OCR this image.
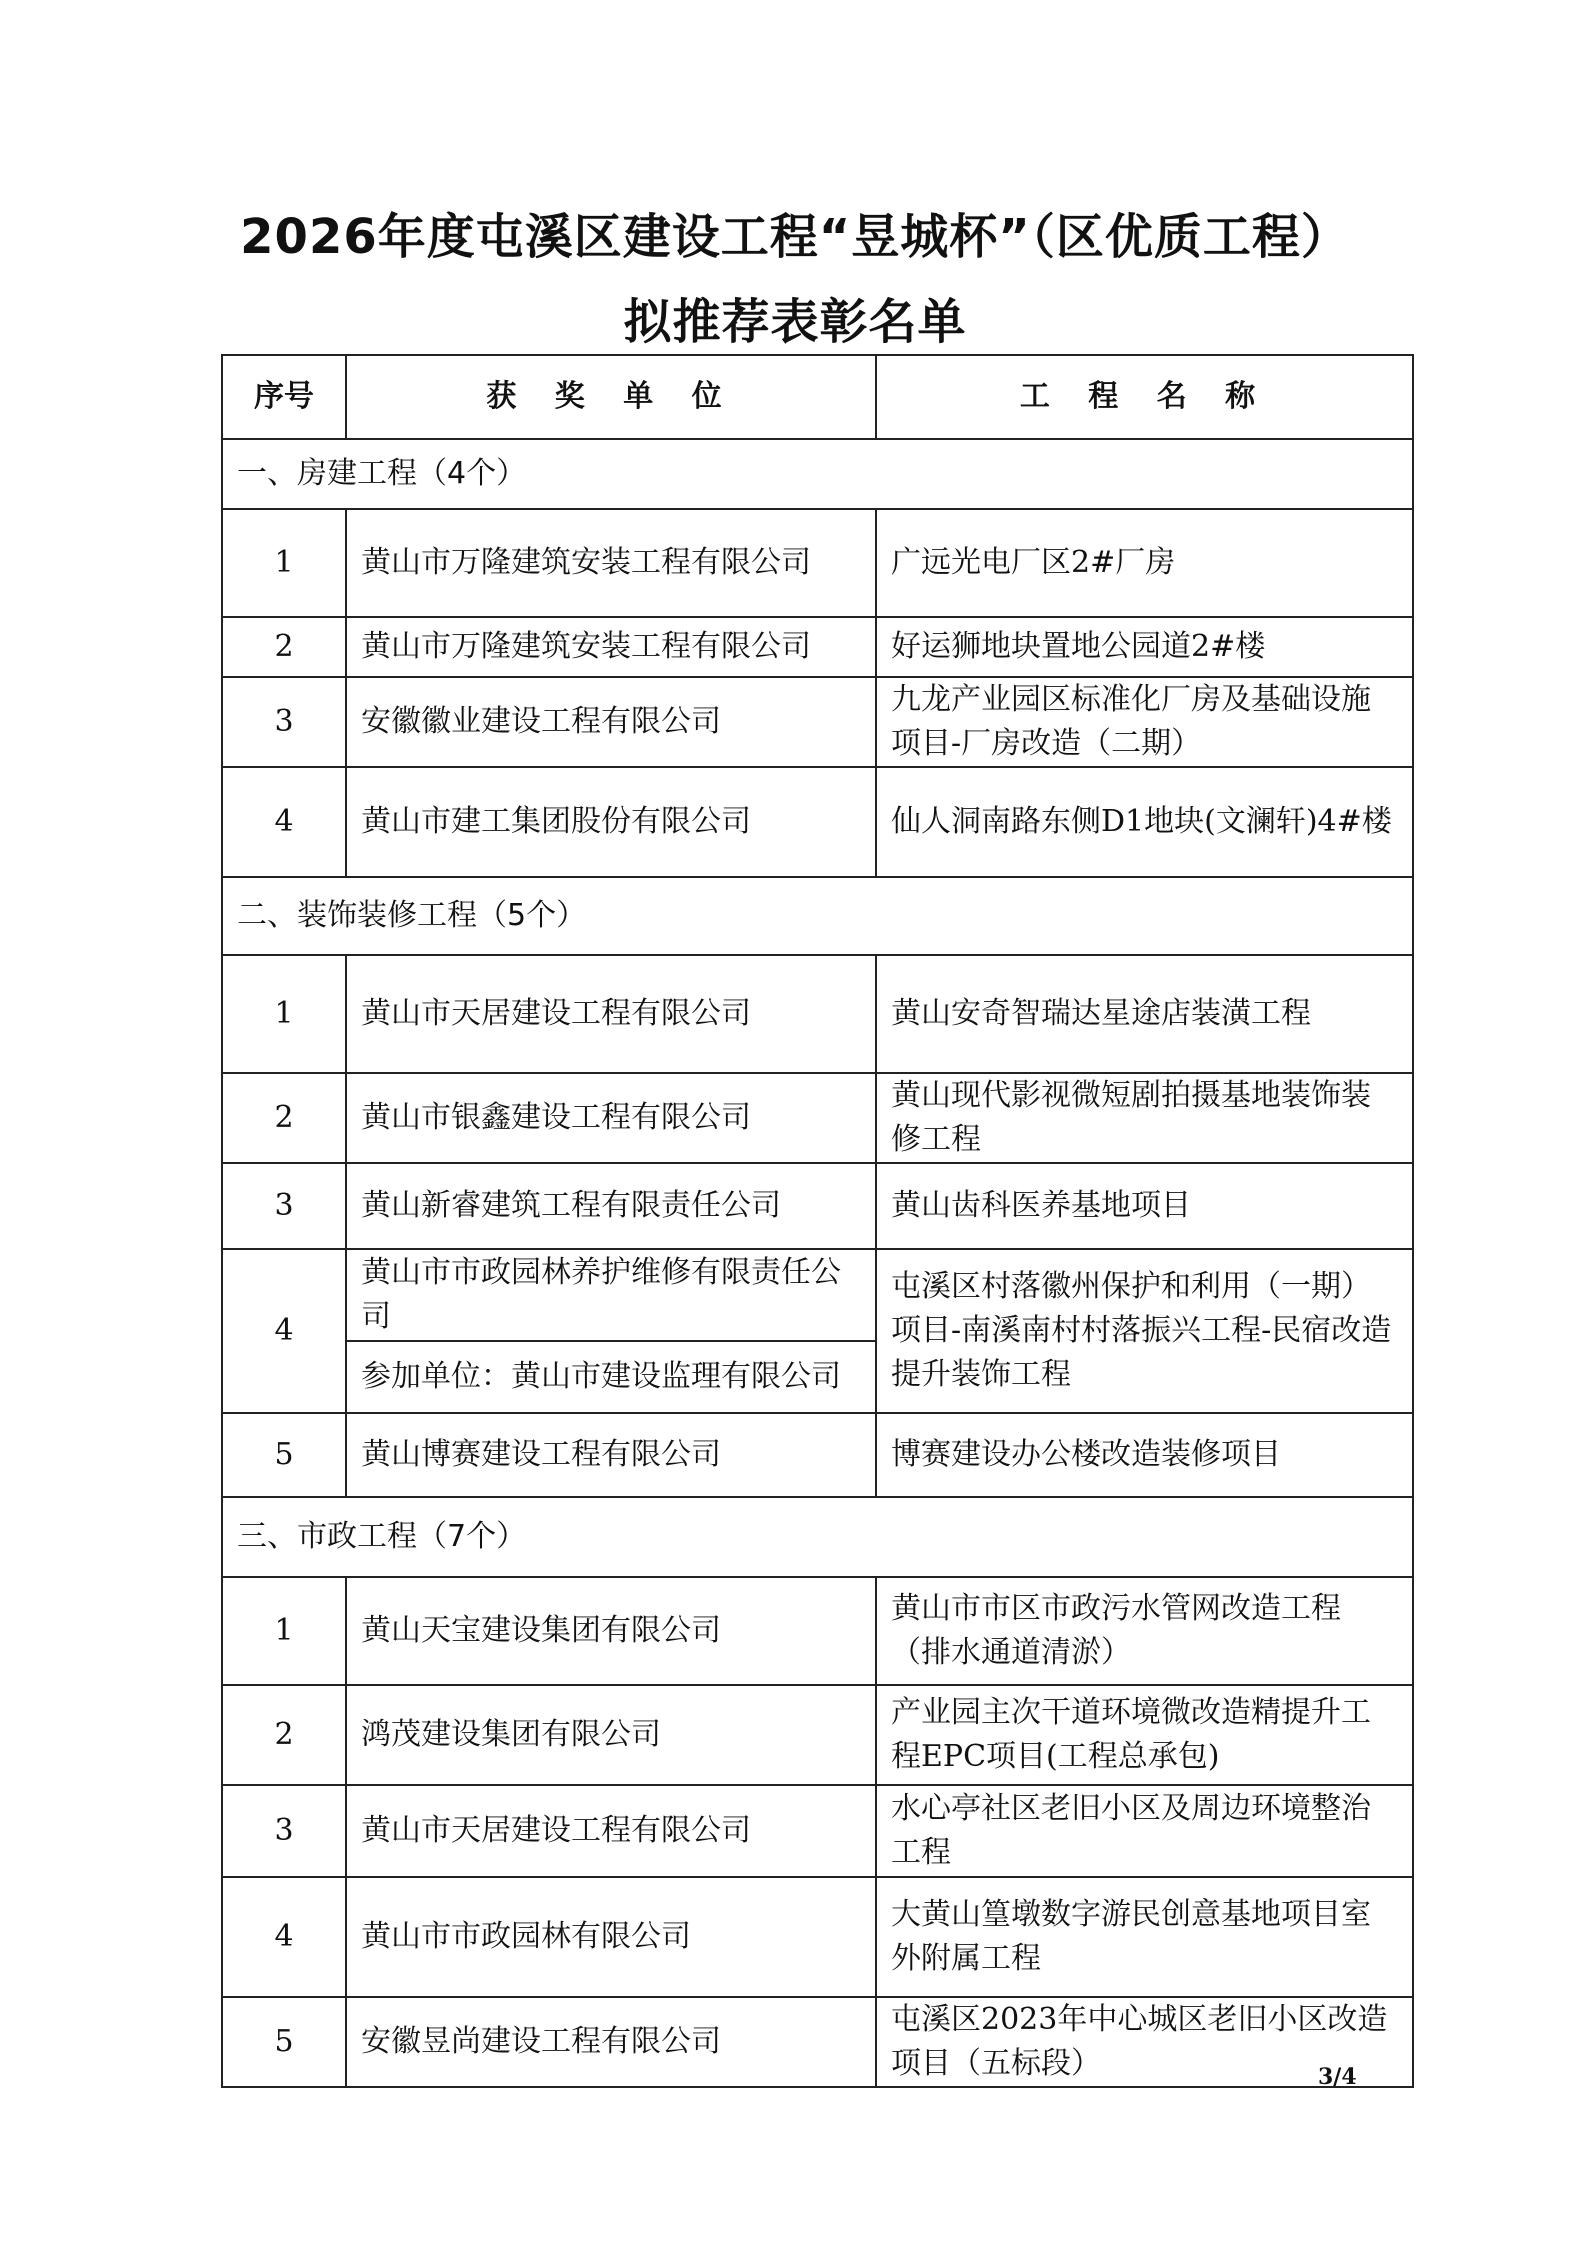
2026年度屯溪区建设工程“昱城杯”（区优质工程）
拟推荐表彰名单
序号	获 奖 单 位	工 程 名 称
一、房建工程（4个）		
1	黄山市万隆建筑安装工程有限公司	广远光电厂区2#厂房
2	黄山市万隆建筑安装工程有限公司	好运狮地块置地公园道2#楼
3	安徽徽业建设工程有限公司	九龙产业园区标准化厂房及基础设施项目-厂房改造（二期）
4	黄山市建工集团股份有限公司	仙人洞南路东侧D1地块(文澜轩)4#楼
二、装饰装修工程（5个）		
1	黄山市天居建设工程有限公司	黄山安奇智瑞达星途店装潢工程
2	黄山市银鑫建设工程有限公司	黄山现代影视微短剧拍摄基地装饰装修工程
3	黄山新睿建筑工程有限责任公司	黄山齿科医养基地项目
4	黄山市市政园林养护维修有限责任公司	屯溪区村落徽州保护和利用（一期）项目-南溪南村村落振兴工程-民宿改造提升装饰工程
	参加单位：黄山市建设监理有限公司	
5	黄山博赛建设工程有限公司	博赛建设办公楼改造装修项目
三、市政工程（7个）		
1	黄山天宝建设集团有限公司	黄山市市区市政污水管网改造工程（排水通道清淤）
2	鸿茂建设集团有限公司	产业园主次干道环境微改造精提升工程EPC项目(工程总承包)
3	黄山市天居建设工程有限公司	水心亭社区老旧小区及周边环境整治工程
4	黄山市市政园林有限公司	大黄山篁墩数字游民创意基地项目室外附属工程
5	安徽昱尚建设工程有限公司	屯溪区2023年中心城区老旧小区改造项目（五标段）	3/4
